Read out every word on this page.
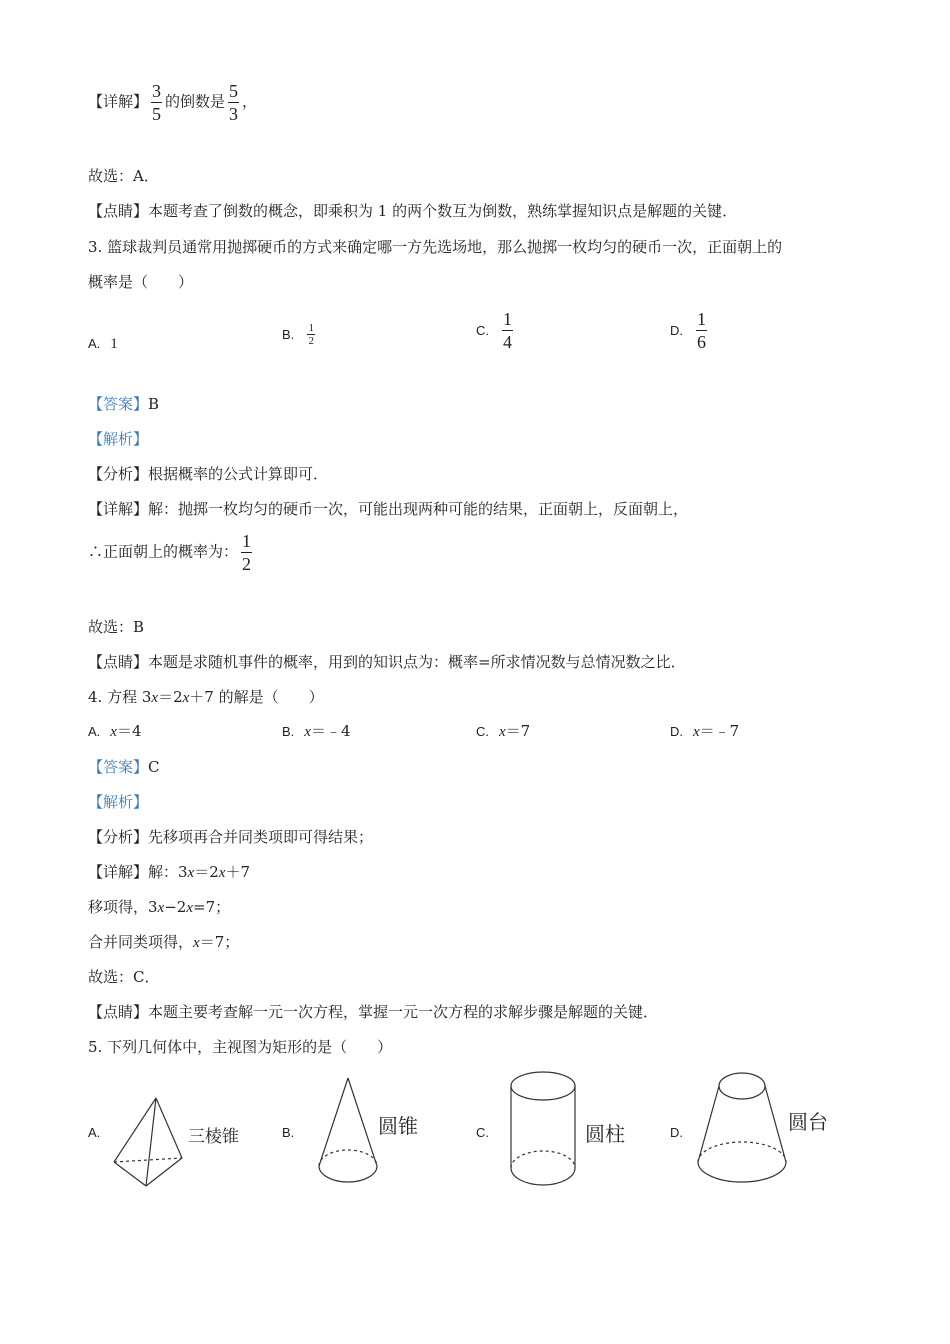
【详解】 $\frac{3}{5}$ 的倒数是 $\frac{5}{3}$ ，
故选：A．
【点睛】本题考查了倒数的概念，即乘积为 1 的两个数互为倒数，熟练掌握知识点是解题的关键．
3. 篮球裁判员通常用抛掷硬币的方式来确定哪一方先选场地，那么抛掷一枚均匀的硬币一次，正面朝上的
概率是（　　）
A. 1
B. $\frac{1}{2}$	C. $\frac{1}{4}$	D. $\frac{1}{6}$
【答案】B
【解析】
【分析】根据概率的公式计算即可．
【详解】解：抛掷一枚均匀的硬币一次，可能出现两种可能的结果，正面朝上，反面朝上，
∴正面朝上的概率为： $\frac{1}{2}$
故选：B
【点睛】本题是求随机事件的概率，用到的知识点为：概率=所求情况数与总情况数之比．
4. 方程 3x＝2x＋7 的解是（　　）
A. x＝4	B. x＝﹣4	C. x＝7	D. x＝﹣7
【答案】C
【解析】
【分析】先移项再合并同类项即可得结果；
【详解】解：3x＝2x＋7
移项得，3x−2x=7；
合并同类项得，x＝7；
故选：C．
【点睛】本题主要考查解一元一次方程，掌握一元一次方程的求解步骤是解题的关键．
5. 下列几何体中，主视图为矩形的是（　　）
A.	三棱锥	B.	圆锥	C.	圆柱	D.	圆台
